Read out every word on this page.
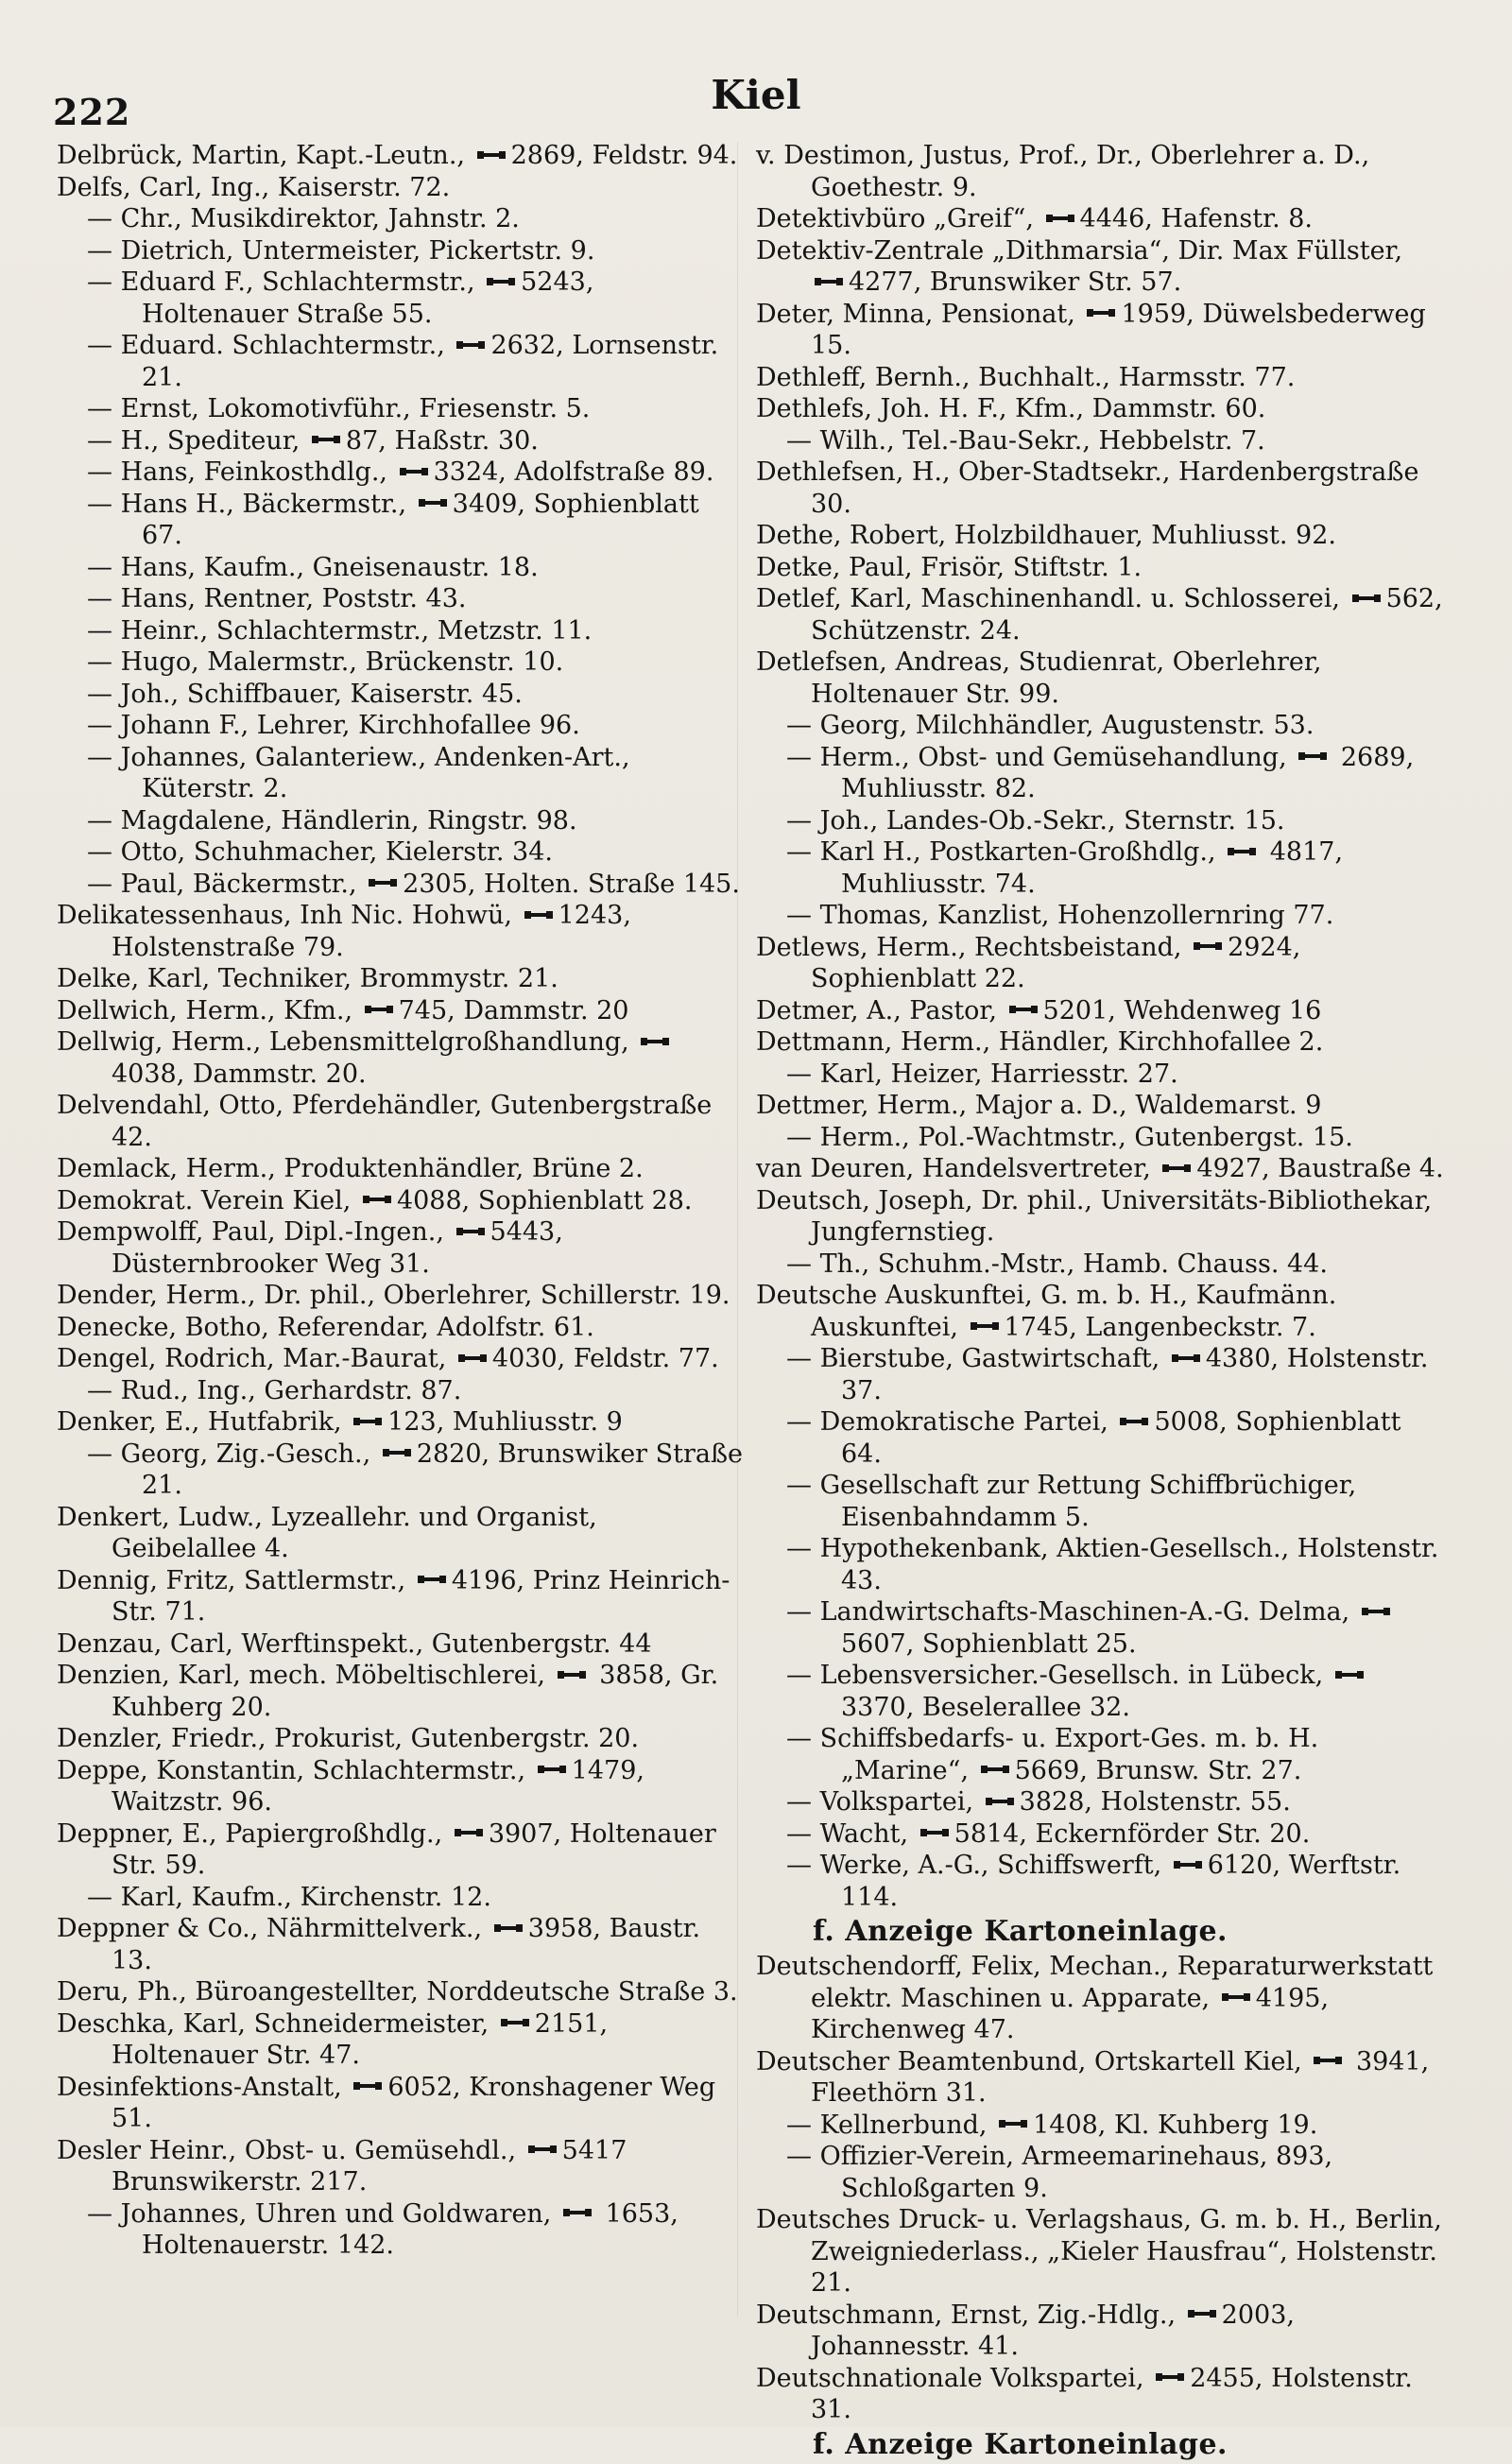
222	Kiel
Delbrück, Martin, Kapt.-Leutn., 2869, Feldstr. 94.
Delfs, Carl, Ing., Kaiserstr. 72.
— Chr., Musikdirektor, Jahnstr. 2.
— Dietrich, Untermeister, Pickertstr. 9.
— Eduard F., Schlachtermstr., 5243, Holtenauer Straße 55.
— Eduard. Schlachtermstr., 2632, Lornsenstr. 21.
— Ernst, Lokomotivführ., Friesenstr. 5.
— H., Spediteur, 87, Haßstr. 30.
— Hans, Feinkosthdlg., 3324, Adolfstraße 89.
— Hans H., Bäckermstr., 3409, Sophienblatt 67.
— Hans, Kaufm., Gneisenaustr. 18.
— Hans, Rentner, Poststr. 43.
— Heinr., Schlachtermstr., Metzstr. 11.
— Hugo, Malermstr., Brückenstr. 10.
— Joh., Schiffbauer, Kaiserstr. 45.
— Johann F., Lehrer, Kirchhofallee 96.
— Johannes, Galanteriew., Andenken-Art., Küterstr. 2.
— Magdalene, Händlerin, Ringstr. 98.
— Otto, Schuhmacher, Kielerstr. 34.
— Paul, Bäckermstr., 2305, Holten. Straße 145.
Delikatessenhaus, Inh Nic. Hohwü, 1243, Holstenstraße 79.
Delke, Karl, Techniker, Brommystr. 21.
Dellwich, Herm., Kfm., 745, Dammstr. 20
Dellwig, Herm., Lebensmittelgroßhandlung,
4038, Dammstr. 20.
Delvendahl, Otto, Pferdehändler, Gutenbergstraße 42.
Demlack, Herm., Produktenhändler, Brüne 2.
Demokrat. Verein Kiel, 4088, Sophienblatt 28.
Dempwolff, Paul, Dipl.-Ingen., 5443, Düsternbrooker Weg 31.
Dender, Herm., Dr. phil., Oberlehrer, Schillerstr. 19.
Denecke, Botho, Referendar, Adolfstr. 61.
Dengel, Rodrich, Mar.-Baurat, 4030, Feldstr. 77.
— Rud., Ing., Gerhardstr. 87.
Denker, E., Hutfabrik, 123, Muhliusstr. 9
— Georg, Zig.-Gesch., 2820, Brunswiker Straße 21.
Denkert, Ludw., Lyzeallehr. und Organist, Geibelallee 4.
Dennig, Fritz, Sattlermstr., 4196, Prinz Heinrich-Str. 71.
Denzau, Carl, Werftinspekt., Gutenbergstr. 44
Denzien, Karl, mech. Möbeltischlerei, 3858, Gr. Kuhberg 20.
Denzler, Friedr., Prokurist, Gutenbergstr. 20.
Deppe, Konstantin, Schlachtermstr., 1479, Waitzstr. 96.
Deppner, E., Papiergroßhdlg., 3907, Holtenauer Str. 59.
— Karl, Kaufm., Kirchenstr. 12.
Deppner & Co., Nährmittelverk., 3958, Baustr. 13.
Deru, Ph., Büroangestellter, Norddeutsche Straße 3.
Deschka, Karl, Schneidermeister, 2151, Holtenauer Str. 47.
Desinfektions-Anstalt, 6052, Kronshagener Weg 51.
Desler Heinr., Obst- u. Gemüsehdl., 5417 Brunswikerstr. 217.
— Johannes, Uhren und Goldwaren, 1653, Holtenauerstr. 142.
v. Destimon, Justus, Prof., Dr., Oberlehrer a. D., Goethestr. 9.
Detektivbüro „Greif“, 4446, Hafenstr. 8.
Detektiv-Zentrale „Dithmarsia“, Dir. Max Füllster,
4277, Brunswiker Str. 57.
Deter, Minna, Pensionat, 1959, Düwelsbederweg 15.
Dethleff, Bernh., Buchhalt., Harmsstr. 77.
Dethlefs, Joh. H. F., Kfm., Dammstr. 60.
— Wilh., Tel.-Bau-Sekr., Hebbelstr. 7.
Dethlefsen, H., Ober-Stadtsekr., Hardenbergstraße 30.
Dethe, Robert, Holzbildhauer, Muhliusst. 92.
Detke, Paul, Frisör, Stiftstr. 1.
Detlef, Karl, Maschinenhandl. u. Schlosserei, 562, Schützenstr. 24.
Detlefsen, Andreas, Studienrat, Oberlehrer, Holtenauer Str. 99.
— Georg, Milchhändler, Augustenstr. 53.
— Herm., Obst- und Gemüsehandlung, 2689, Muhliusstr. 82.
— Joh., Landes-Ob.-Sekr., Sternstr. 15.
— Karl H., Postkarten-Großhdlg., 4817, Muhliusstr. 74.
— Thomas, Kanzlist, Hohenzollernring 77.
Detlews, Herm., Rechtsbeistand, 2924, Sophienblatt 22.
Detmer, A., Pastor, 5201, Wehdenweg 16
Dettmann, Herm., Händler, Kirchhofallee 2.
— Karl, Heizer, Harriesstr. 27.
Dettmer, Herm., Major a. D., Waldemarst. 9
— Herm., Pol.-Wachtmstr., Gutenbergst. 15.
van Deuren, Handelsvertreter, 4927, Baustraße 4.
Deutsch, Joseph, Dr. phil., Universitäts-Bibliothekar, Jungfernstieg.
— Th., Schuhm.-Mstr., Hamb. Chauss. 44.
Deutsche Auskunftei, G. m. b. H., Kaufmänn. Auskunftei, 1745, Langenbeckstr. 7.
— Bierstube, Gastwirtschaft, 4380, Holstenstr. 37.
— Demokratische Partei, 5008, Sophienblatt 64.
— Gesellschaft zur Rettung Schiffbrüchiger, Eisenbahndamm 5.
— Hypothekenbank, Aktien-Gesellsch., Holstenstr. 43.
— Landwirtschafts-Maschinen-A.-G. Delma,
5607, Sophienblatt 25.
— Lebensversicher.-Gesellsch. in Lübeck,
3370, Beselerallee 32.
— Schiffsbedarfs- u. Export-Ges. m. b. H. „Marine“, 5669, Brunsw. Str. 27.
— Volkspartei, 3828, Holstenstr. 55.
— Wacht, 5814, Eckernförder Str. 20.
— Werke, A.-G., Schiffswerft, 6120, Werftstr. 114.
f. Anzeige Kartoneinlage.
Deutschendorff, Felix, Mechan., Reparaturwerkstatt elektr. Maschinen u. Apparate, 4195, Kirchenweg 47.
Deutscher Beamtenbund, Ortskartell Kiel, 3941, Fleethörn 31.
— Kellnerbund, 1408, Kl. Kuhberg 19.
— Offizier-Verein, Armeemarinehaus, 893, Schloßgarten 9.
Deutsches Druck- u. Verlagshaus, G. m. b. H., Berlin, Zweigniederlass., „Kieler Hausfrau“, Holstenstr. 21.
Deutschmann, Ernst, Zig.-Hdlg., 2003, Johannesstr. 41.
Deutschnationale Volkspartei, 2455, Holstenstr. 31.
f. Anzeige Kartoneinlage.
